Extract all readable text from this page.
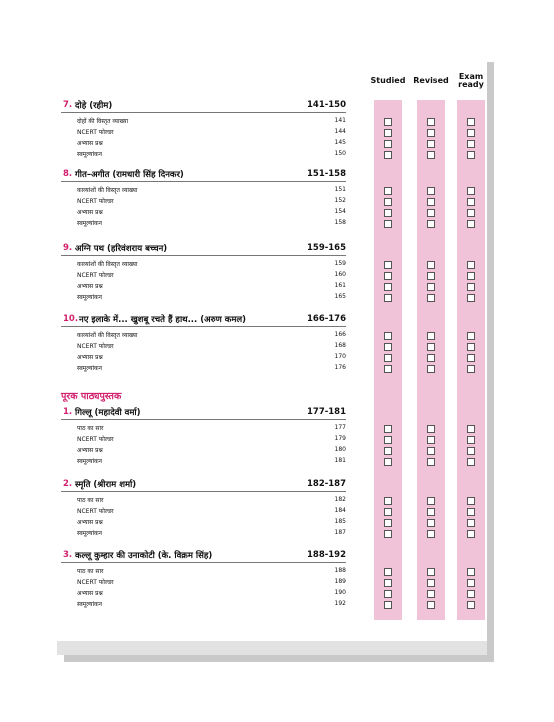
Studied Revised	Exam ready
पूरक पाठ्यपुस्तक
7. दोहे (रहीम)	141-150
दोहों की विस्तृत व्याख्या	141
NCERT फोल्डर	144
अभ्यास प्रश्न	145
स्वमूल्यांकन	150
8. गीत–अगीत (रामधारी सिंह दिनकर)	151-158
काव्यांशों की विस्तृत व्याख्या	151
NCERT फोल्डर	152
अभ्यास प्रश्न	154
स्वमूल्यांकन	158
9. अग्नि पथ (हरिवंशराय बच्चन)	159-165
काव्यांशों की विस्तृत व्याख्या	159
NCERT फोल्डर	160
अभ्यास प्रश्न	161
स्वमूल्यांकन	165
10. नए इलाके में... खुशबू रचते हैं हाथ... (अरुण कमल)	166-176
काव्यांशों की विस्तृत व्याख्या	166
NCERT फोल्डर	168
अभ्यास प्रश्न	170
स्वमूल्यांकन	176
1. गिल्लू (महादेवी वर्मा)	177-181
पाठ का सार	177
NCERT फोल्डर	179
अभ्यास प्रश्न	180
स्वमूल्यांकन	181
2. स्मृति (श्रीराम शर्मा)	182-187
पाठ का सार	182
NCERT फोल्डर	184
अभ्यास प्रश्न	185
स्वमूल्यांकन	187
3. कल्लू कुम्हार की उनाकोटी (के. विक्रम सिंह)	188-192
पाठ का सार	188
NCERT फोल्डर	189
अभ्यास प्रश्न	190
स्वमूल्यांकन	192
